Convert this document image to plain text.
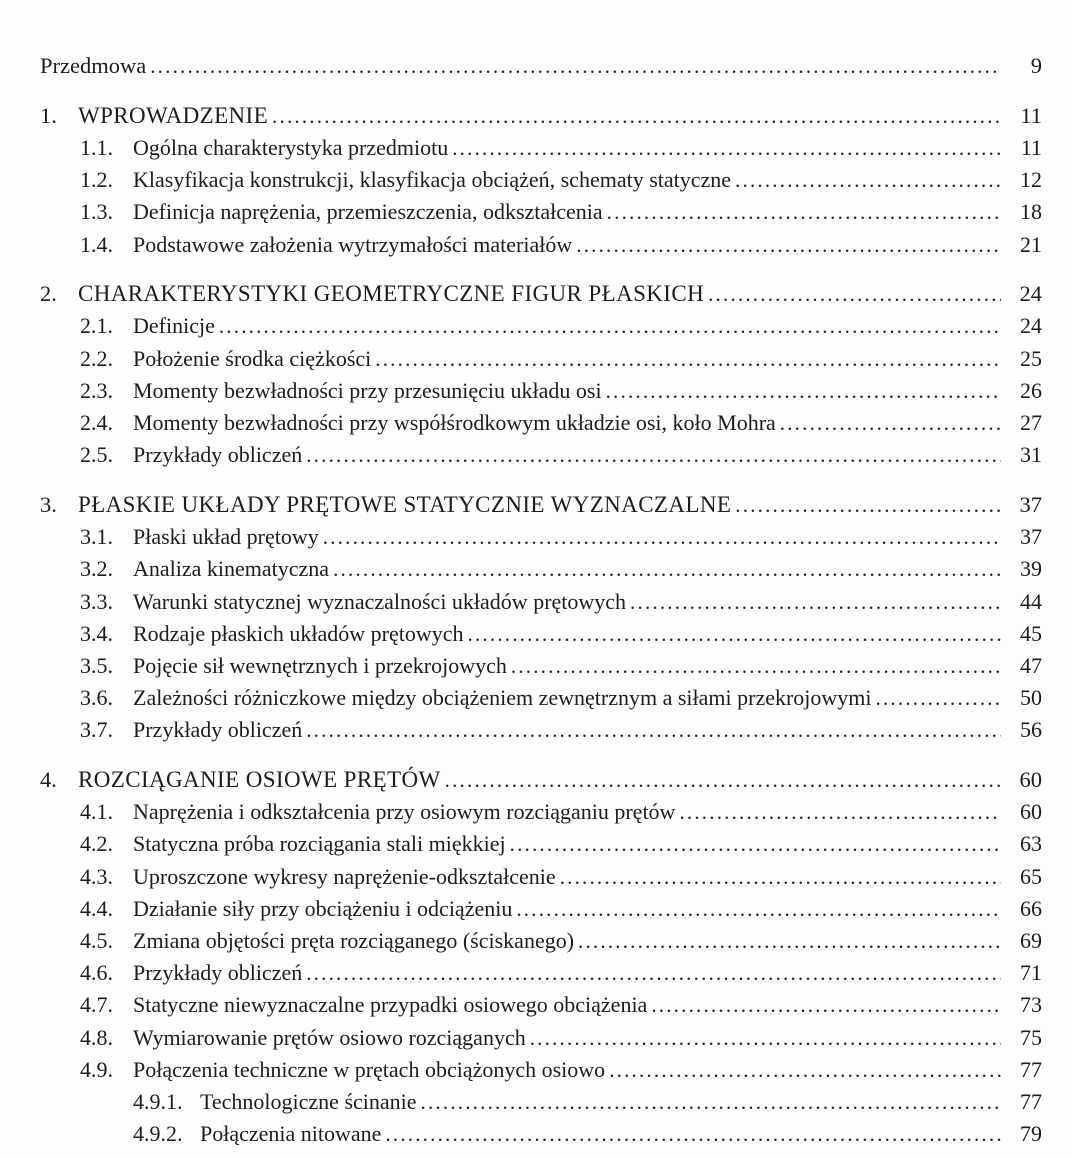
Przedmowa .....	9
1. WPROWADZENIE .....	11
1.1. Ogólna charakterystyka przedmiotu .....	11
1.2. Klasyfikacja konstrukcji, klasyfikacja obciążeń, schematy statyczne .....	12
1.3. Definicja naprężenia, przemieszczenia, odkształcenia .....	18
1.4. Podstawowe założenia wytrzymałości materiałów .....	21
2. CHARAKTERYSTYKI GEOMETRYCZNE FIGUR PŁASKICH .....	24
2.1. Definicje .....	24
2.2. Położenie środka ciężkości .....	25
2.3. Momenty bezwładności przy przesunięciu układu osi .....	26
2.4. Momenty bezwładności przy współśrodkowym układzie osi, koło Mohra .....	27
2.5. Przykłady obliczeń .....	31
3. PŁASKIE UKŁADY PRĘTOWE STATYCZNIE WYZNACZALNE .....	37
3.1. Płaski układ prętowy .....	37
3.2. Analiza kinematyczna .....	39
3.3. Warunki statycznej wyznaczalności układów prętowych .....	44
3.4. Rodzaje płaskich układów prętowych .....	45
3.5. Pojęcie sił wewnętrznych i przekrojowych .....	47
3.6. Zależności różniczkowe między obciążeniem zewnętrznym a siłami przekrojowymi .....	50
3.7. Przykłady obliczeń .....	56
4. ROZCIĄGANIE OSIOWE PRĘTÓW .....	60
4.1. Naprężenia i odkształcenia przy osiowym rozciąganiu prętów .....	60
4.2. Statyczna próba rozciągania stali miękkiej .....	63
4.3. Uproszczone wykresy naprężenie-odkształcenie .....	65
4.4. Działanie siły przy obciążeniu i odciążeniu .....	66
4.5. Zmiana objętości pręta rozciąganego (ściskanego) .....	69
4.6. Przykłady obliczeń .....	71
4.7. Statyczne niewyznaczalne przypadki osiowego obciążenia .....	73
4.8. Wymiarowanie prętów osiowo rozciąganych .....	75
4.9. Połączenia techniczne w prętach obciążonych osiowo .....	77
4.9.1. Technologiczne ścinanie .....	77
4.9.2. Połączenia nitowane .....	79
